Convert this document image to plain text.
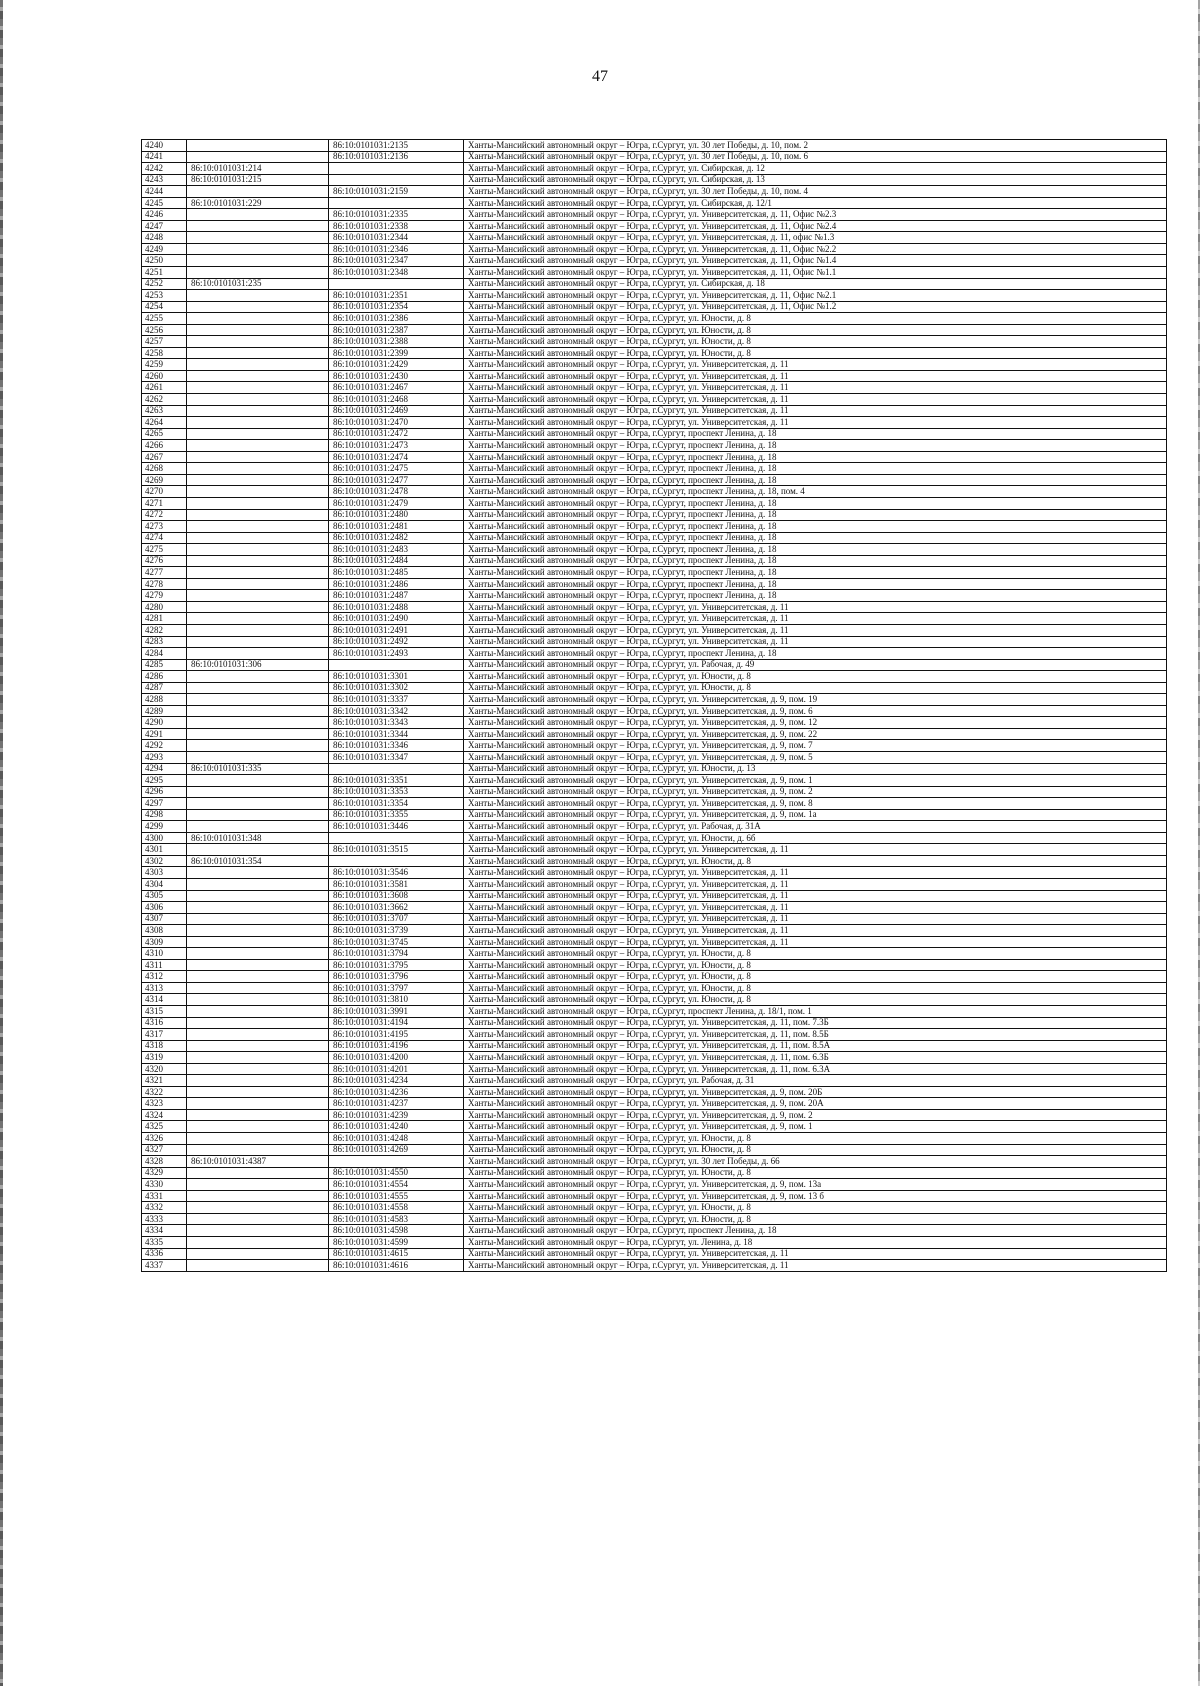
47
4240		86:10:0101031:2135	Ханты-Мансийский автономный округ – Югра, г.Сургут, ул. 30 лет Победы, д. 10, пом. 2
4241		86:10:0101031:2136	Ханты-Мансийский автономный округ – Югра, г.Сургут, ул. 30 лет Победы, д. 10, пом. 6
4242	86:10:0101031:214		Ханты-Мансийский автономный округ – Югра, г.Сургут, ул. Сибирская, д. 12
4243	86:10:0101031:215		Ханты-Мансийский автономный округ – Югра, г.Сургут, ул. Сибирская, д. 13
4244		86:10:0101031:2159	Ханты-Мансийский автономный округ – Югра, г.Сургут, ул. 30 лет Победы, д. 10, пом. 4
4245	86:10:0101031:229		Ханты-Мансийский автономный округ – Югра, г.Сургут, ул. Сибирская, д. 12/1
4246		86:10:0101031:2335	Ханты-Мансийский автономный округ – Югра, г.Сургут, ул. Университетская, д. 11, Офис №2.3
4247		86:10:0101031:2338	Ханты-Мансийский автономный округ – Югра, г.Сургут, ул. Университетская, д. 11, Офис №2.4
4248		86:10:0101031:2344	Ханты-Мансийский автономный округ – Югра, г.Сургут, ул. Университетская, д. 11, офис №1.3
4249		86:10:0101031:2346	Ханты-Мансийский автономный округ – Югра, г.Сургут, ул. Университетская, д. 11, Офис №2.2
4250		86:10:0101031:2347	Ханты-Мансийский автономный округ – Югра, г.Сургут, ул. Университетская, д. 11, Офис №1.4
4251		86:10:0101031:2348	Ханты-Мансийский автономный округ – Югра, г.Сургут, ул. Университетская, д. 11, Офис №1.1
4252	86:10:0101031:235		Ханты-Мансийский автономный округ – Югра, г.Сургут, ул. Сибирская, д. 18
4253		86:10:0101031:2351	Ханты-Мансийский автономный округ – Югра, г.Сургут, ул. Университетская, д. 11, Офис №2.1
4254		86:10:0101031:2354	Ханты-Мансийский автономный округ – Югра, г.Сургут, ул. Университетская, д. 11, Офис №1.2
4255		86:10:0101031:2386	Ханты-Мансийский автономный округ – Югра, г.Сургут, ул. Юности, д. 8
4256		86:10:0101031:2387	Ханты-Мансийский автономный округ – Югра, г.Сургут, ул. Юности, д. 8
4257		86:10:0101031:2388	Ханты-Мансийский автономный округ – Югра, г.Сургут, ул. Юности, д. 8
4258		86:10:0101031:2399	Ханты-Мансийский автономный округ – Югра, г.Сургут, ул. Юности, д. 8
4259		86:10:0101031:2429	Ханты-Мансийский автономный округ – Югра, г.Сургут, ул. Университетская, д. 11
4260		86:10:0101031:2430	Ханты-Мансийский автономный округ – Югра, г.Сургут, ул. Университетская, д. 11
4261		86:10:0101031:2467	Ханты-Мансийский автономный округ – Югра, г.Сургут, ул. Университетская, д. 11
4262		86:10:0101031:2468	Ханты-Мансийский автономный округ – Югра, г.Сургут, ул. Университетская, д. 11
4263		86:10:0101031:2469	Ханты-Мансийский автономный округ – Югра, г.Сургут, ул. Университетская, д. 11
4264		86:10:0101031:2470	Ханты-Мансийский автономный округ – Югра, г.Сургут, ул. Университетская, д. 11
4265		86:10:0101031:2472	Ханты-Мансийский автономный округ – Югра, г.Сургут, проспект Ленина, д. 18
4266		86:10:0101031:2473	Ханты-Мансийский автономный округ – Югра, г.Сургут, проспект Ленина, д. 18
4267		86:10:0101031:2474	Ханты-Мансийский автономный округ – Югра, г.Сургут, проспект Ленина, д. 18
4268		86:10:0101031:2475	Ханты-Мансийский автономный округ – Югра, г.Сургут, проспект Ленина, д. 18
4269		86:10:0101031:2477	Ханты-Мансийский автономный округ – Югра, г.Сургут, проспект Ленина, д. 18
4270		86:10:0101031:2478	Ханты-Мансийский автономный округ – Югра, г.Сургут, проспект Ленина, д. 18, пом. 4
4271		86:10:0101031:2479	Ханты-Мансийский автономный округ – Югра, г.Сургут, проспект Ленина, д. 18
4272		86:10:0101031:2480	Ханты-Мансийский автономный округ – Югра, г.Сургут, проспект Ленина, д. 18
4273		86:10:0101031:2481	Ханты-Мансийский автономный округ – Югра, г.Сургут, проспект Ленина, д. 18
4274		86:10:0101031:2482	Ханты-Мансийский автономный округ – Югра, г.Сургут, проспект Ленина, д. 18
4275		86:10:0101031:2483	Ханты-Мансийский автономный округ – Югра, г.Сургут, проспект Ленина, д. 18
4276		86:10:0101031:2484	Ханты-Мансийский автономный округ – Югра, г.Сургут, проспект Ленина, д. 18
4277		86:10:0101031:2485	Ханты-Мансийский автономный округ – Югра, г.Сургут, проспект Ленина, д. 18
4278		86:10:0101031:2486	Ханты-Мансийский автономный округ – Югра, г.Сургут, проспект Ленина, д. 18
4279		86:10:0101031:2487	Ханты-Мансийский автономный округ – Югра, г.Сургут, проспект Ленина, д. 18
4280		86:10:0101031:2488	Ханты-Мансийский автономный округ – Югра, г.Сургут, ул. Университетская, д. 11
4281		86:10:0101031:2490	Ханты-Мансийский автономный округ – Югра, г.Сургут, ул. Университетская, д. 11
4282		86:10:0101031:2491	Ханты-Мансийский автономный округ – Югра, г.Сургут, ул. Университетская, д. 11
4283		86:10:0101031:2492	Ханты-Мансийский автономный округ – Югра, г.Сургут, ул. Университетская, д. 11
4284		86:10:0101031:2493	Ханты-Мансийский автономный округ – Югра, г.Сургут, проспект Ленина, д. 18
4285	86:10:0101031:306		Ханты-Мансийский автономный округ – Югра, г.Сургут, ул. Рабочая, д. 49
4286		86:10:0101031:3301	Ханты-Мансийский автономный округ – Югра, г.Сургут, ул. Юности, д. 8
4287		86:10:0101031:3302	Ханты-Мансийский автономный округ – Югра, г.Сургут, ул. Юности, д. 8
4288		86:10:0101031:3337	Ханты-Мансийский автономный округ – Югра, г.Сургут, ул. Университетская, д. 9, пом. 19
4289		86:10:0101031:3342	Ханты-Мансийский автономный округ – Югра, г.Сургут, ул. Университетская, д. 9, пом. 6
4290		86:10:0101031:3343	Ханты-Мансийский автономный округ – Югра, г.Сургут, ул. Университетская, д. 9, пом. 12
4291		86:10:0101031:3344	Ханты-Мансийский автономный округ – Югра, г.Сургут, ул. Университетская, д. 9, пом. 22
4292		86:10:0101031:3346	Ханты-Мансийский автономный округ – Югра, г.Сургут, ул. Университетская, д. 9, пом. 7
4293		86:10:0101031:3347	Ханты-Мансийский автономный округ – Югра, г.Сургут, ул. Университетская, д. 9, пом. 5
4294	86:10:0101031:335		Ханты-Мансийский автономный округ – Югра, г.Сургут, ул. Юности, д. 13
4295		86:10:0101031:3351	Ханты-Мансийский автономный округ – Югра, г.Сургут, ул. Университетская, д. 9, пом. 1
4296		86:10:0101031:3353	Ханты-Мансийский автономный округ – Югра, г.Сургут, ул. Университетская, д. 9, пом. 2
4297		86:10:0101031:3354	Ханты-Мансийский автономный округ – Югра, г.Сургут, ул. Университетская, д. 9, пом. 8
4298		86:10:0101031:3355	Ханты-Мансийский автономный округ – Югра, г.Сургут, ул. Университетская, д. 9, пом. 1а
4299		86:10:0101031:3446	Ханты-Мансийский автономный округ – Югра, г.Сургут, ул. Рабочая, д. 31А
4300	86:10:0101031:348		Ханты-Мансийский автономный округ – Югра, г.Сургут, ул. Юности, д. 6б
4301		86:10:0101031:3515	Ханты-Мансийский автономный округ – Югра, г.Сургут, ул. Университетская, д. 11
4302	86:10:0101031:354		Ханты-Мансийский автономный округ – Югра, г.Сургут, ул. Юности, д. 8
4303		86:10:0101031:3546	Ханты-Мансийский автономный округ – Югра, г.Сургут, ул. Университетская, д. 11
4304		86:10:0101031:3581	Ханты-Мансийский автономный округ – Югра, г.Сургут, ул. Университетская, д. 11
4305		86:10:0101031:3608	Ханты-Мансийский автономный округ – Югра, г.Сургут, ул. Университетская, д. 11
4306		86:10:0101031:3662	Ханты-Мансийский автономный округ – Югра, г.Сургут, ул. Университетская, д. 11
4307		86:10:0101031:3707	Ханты-Мансийский автономный округ – Югра, г.Сургут, ул. Университетская, д. 11
4308		86:10:0101031:3739	Ханты-Мансийский автономный округ – Югра, г.Сургут, ул. Университетская, д. 11
4309		86:10:0101031:3745	Ханты-Мансийский автономный округ – Югра, г.Сургут, ул. Университетская, д. 11
4310		86:10:0101031:3794	Ханты-Мансийский автономный округ – Югра, г.Сургут, ул. Юности, д. 8
4311		86:10:0101031:3795	Ханты-Мансийский автономный округ – Югра, г.Сургут, ул. Юности, д. 8
4312		86:10:0101031:3796	Ханты-Мансийский автономный округ – Югра, г.Сургут, ул. Юности, д. 8
4313		86:10:0101031:3797	Ханты-Мансийский автономный округ – Югра, г.Сургут, ул. Юности, д. 8
4314		86:10:0101031:3810	Ханты-Мансийский автономный округ – Югра, г.Сургут, ул. Юности, д. 8
4315		86:10:0101031:3991	Ханты-Мансийский автономный округ – Югра, г.Сургут, проспект Ленина, д. 18/1, пом. 1
4316		86:10:0101031:4194	Ханты-Мансийский автономный округ – Югра, г.Сургут, ул. Университетская, д. 11, пом. 7.3Б
4317		86:10:0101031:4195	Ханты-Мансийский автономный округ – Югра, г.Сургут, ул. Университетская, д. 11, пом. 8.5Б
4318		86:10:0101031:4196	Ханты-Мансийский автономный округ – Югра, г.Сургут, ул. Университетская, д. 11, пом. 8.5А
4319		86:10:0101031:4200	Ханты-Мансийский автономный округ – Югра, г.Сургут, ул. Университетская, д. 11, пом. 6.3Б
4320		86:10:0101031:4201	Ханты-Мансийский автономный округ – Югра, г.Сургут, ул. Университетская, д. 11, пом. 6.3А
4321		86:10:0101031:4234	Ханты-Мансийский автономный округ – Югра, г.Сургут, ул. Рабочая, д. 31
4322		86:10:0101031:4236	Ханты-Мансийский автономный округ – Югра, г.Сургут, ул. Университетская, д. 9, пом. 20Б
4323		86:10:0101031:4237	Ханты-Мансийский автономный округ – Югра, г.Сургут, ул. Университетская, д. 9, пом. 20А
4324		86:10:0101031:4239	Ханты-Мансийский автономный округ – Югра, г.Сургут, ул. Университетская, д. 9, пом. 2
4325		86:10:0101031:4240	Ханты-Мансийский автономный округ – Югра, г.Сургут, ул. Университетская, д. 9, пом. 1
4326		86:10:0101031:4248	Ханты-Мансийский автономный округ – Югра, г.Сургут, ул. Юности, д. 8
4327		86:10:0101031:4269	Ханты-Мансийский автономный округ – Югра, г.Сургут, ул. Юности, д. 8
4328	86:10:0101031:4387		Ханты-Мансийский автономный округ – Югра, г.Сургут, ул. 30 лет Победы, д. 66
4329		86:10:0101031:4550	Ханты-Мансийский автономный округ – Югра, г.Сургут, ул. Юности, д. 8
4330		86:10:0101031:4554	Ханты-Мансийский автономный округ – Югра, г.Сургут, ул. Университетская, д. 9, пом. 13а
4331		86:10:0101031:4555	Ханты-Мансийский автономный округ – Югра, г.Сургут, ул. Университетская, д. 9, пом. 13 б
4332		86:10:0101031:4558	Ханты-Мансийский автономный округ – Югра, г.Сургут, ул. Юности, д. 8
4333		86:10:0101031:4583	Ханты-Мансийский автономный округ – Югра, г.Сургут, ул. Юности, д. 8
4334		86:10:0101031:4598	Ханты-Мансийский автономный округ – Югра, г.Сургут, проспект Ленина, д. 18
4335		86:10:0101031:4599	Ханты-Мансийский автономный округ – Югра, г.Сургут, ул. Ленина, д. 18
4336		86:10:0101031:4615	Ханты-Мансийский автономный округ – Югра, г.Сургут, ул. Университетская, д. 11
4337		86:10:0101031:4616	Ханты-Мансийский автономный округ – Югра, г.Сургут, ул. Университетская, д. 11
